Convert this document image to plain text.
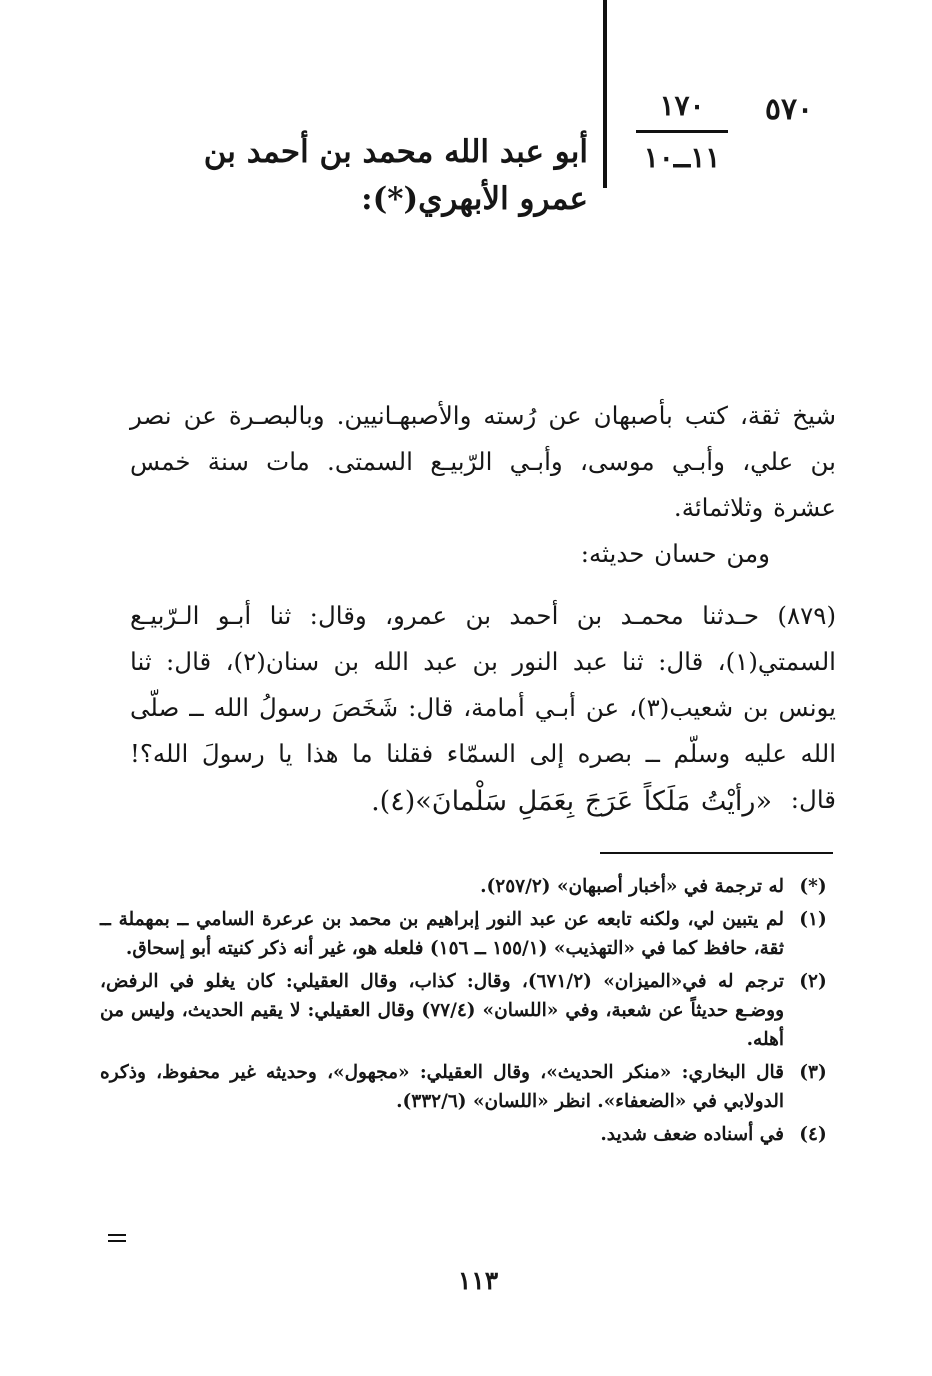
٥٧٠
١٧٠
١١ــ١٠
أبو عبد الله محمد بن أحمد بن عمرو الأبهري(*):

شيخ ثقة، كتب بأصبهان عن رُسته والأصبهـانيين. وبالبصـرة عن نصر بن علي، وأبـي موسى، وأبـي الرّبيـع السمتى. مات سنة خمس عشرة وثلاثمائة.

ومن حسان حديثه:

(٨٧٩) حـدثنا محمـد بن أحمد بن عمرو، وقال: ثنا أبـو الـرّبيـع السمتي(١)، قال: ثنا عبد النور بن عبد الله بن سنان(٢)، قال: ثنا يونس بن شعيب(٣)، عن أبـي أمامة، قال: شَخَصَ رسولُ الله ــ صلّى الله عليه وسلّم ــ بصره إلى السمّاء فقلنا ما هذا يا رسولَ الله؟! قال:

«رأيْتُ مَلَكاً عَرَجَ بِعَمَلِ سَلْمانَ»(٤).

(*)
له ترجمة في «أخبار أصبهان» (٢٥٧/٢).
(١)
لم يتبين لي، ولكنه تابعه عن عبد النور إبراهيم بن محمد بن عرعرة السامي ــ بمهملة ــ ثقة، حافظ كما في «التهذيب» (١٥٥/١ ــ ١٥٦) فلعله هو، غير أنه ذكر كنيته أبو إسحاق.
(٢)
ترجم له في«الميزان» (٦٧١/٢)، وقال: كذاب، وقال العقيلي: كان يغلو في الرفض، ووضـع حديثاً عن شعبة، وفي «اللسان» (٧٧/٤) وقال العقيلي: لا يقيم الحديث، وليس من أهله.
(٣)
قال البخاري: «منكر الحديث»، وقال العقيلي: «مجهول»، وحديثه غير محفوظ، وذكره الدولابي في «الضعفاء». انظر «اللسان» (٣٣٢/٦).
(٤)
في أسناده ضعف شديد.
١١٣
